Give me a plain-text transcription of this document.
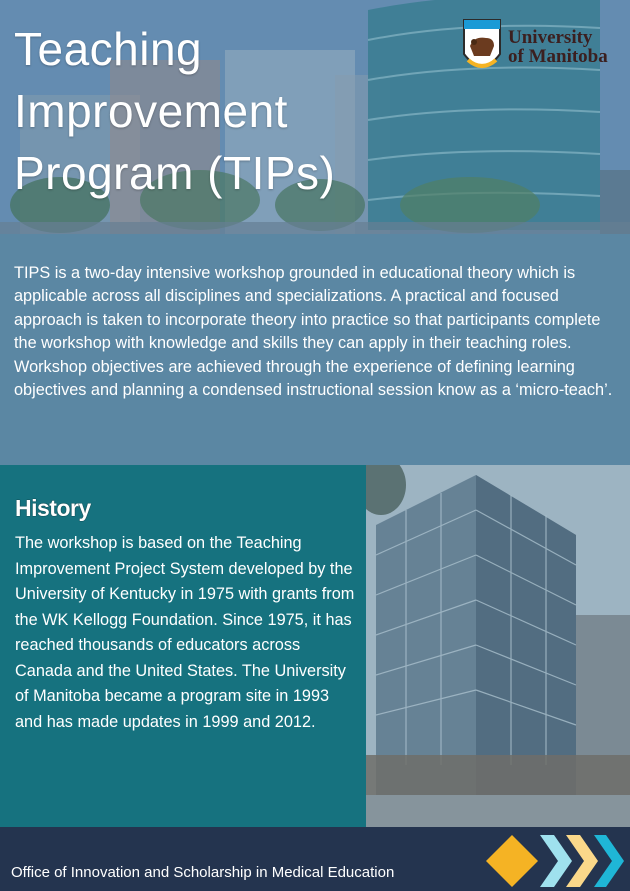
Teaching
Improvement
Program (TIPs)
University
of Manitoba

TIPS is a two-day intensive workshop grounded in educational theory which is applicable across all disciplines and specializations. A practical and focused approach is taken to incorporate theory into practice so that participants complete the workshop with knowledge and skills they can apply in their teaching roles. Workshop objectives are achieved through the experience of defining learning objectives and planning a condensed instructional session know as a ‘micro-teach’.

History

The workshop is based on the Teaching Improvement Project System developed by the University of Kentucky in 1975 with grants from the WK Kellogg Foundation. Since 1975, it has reached thousands of educators across Canada and the United States. The University of Manitoba became a program site in 1993 and has made updates in 1999 and 2012.

Office of Innovation and Scholarship in Medical Education
